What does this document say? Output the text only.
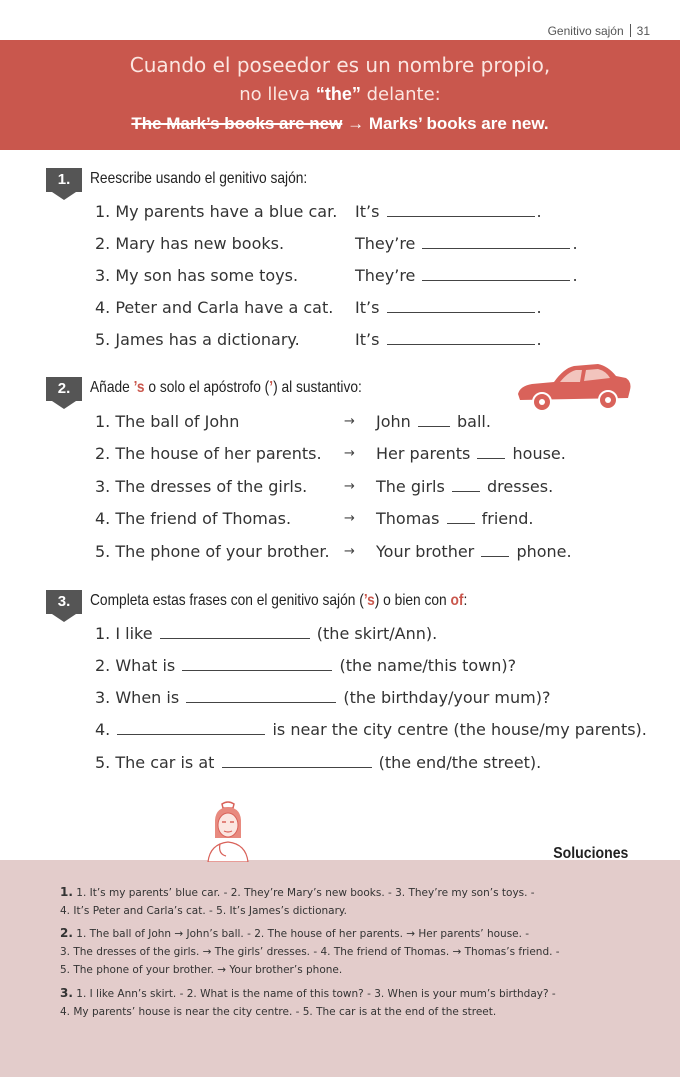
Genitivo sajón 31
Cuando el poseedor es un nombre propio,
no lleva “the” delante:
The Mark’s books are new → Marks’ books are new.
1.	Reescribe usando el genitivo sajón:
1. My parents have a blue car. It’s	.
2. Mary has new books.	They’re	.
3. My son has some toys.	They’re	.
4. Peter and Carla have a cat. It’s	.
5. James has a dictionary.	It’s	.
2.	Añade ’s o solo el apóstrofo (’) al sustantivo:
1. The ball of John	→ John	ball.
2. The house of her parents. → Her parents	house.
3. The dresses of the girls.	→ The girls	dresses.
4. The friend of Thomas.	→ Thomas	friend.
5. The phone of your brother. → Your brother	phone.
3.	Completa estas frases con el genitivo sajón (’s) o bien con of:
1. I like	(the skirt/Ann).
2. What is	(the name/this town)?
3. When is	(the birthday/your mum)?
4.	is near the city centre (the house/my parents).
5. The car is at	(the end/the street).
Soluciones
1. 1. It’s my parents’ blue car. - 2. They’re Mary’s new books. - 3. They’re my son’s toys. -
4. It’s Peter and Carla’s cat. - 5. It’s James’s dictionary.
2. 1. The ball of John → John’s ball. - 2. The house of her parents. → Her parents’ house. -
3. The dresses of the girls. → The girls’ dresses. - 4. The friend of Thomas. → Thomas’s friend. -
5. The phone of your brother. → Your brother’s phone.
3. 1. I like Ann’s skirt. - 2. What is the name of this town? - 3. When is your mum’s birthday? -
4. My parents’ house is near the city centre. - 5. The car is at the end of the street.
